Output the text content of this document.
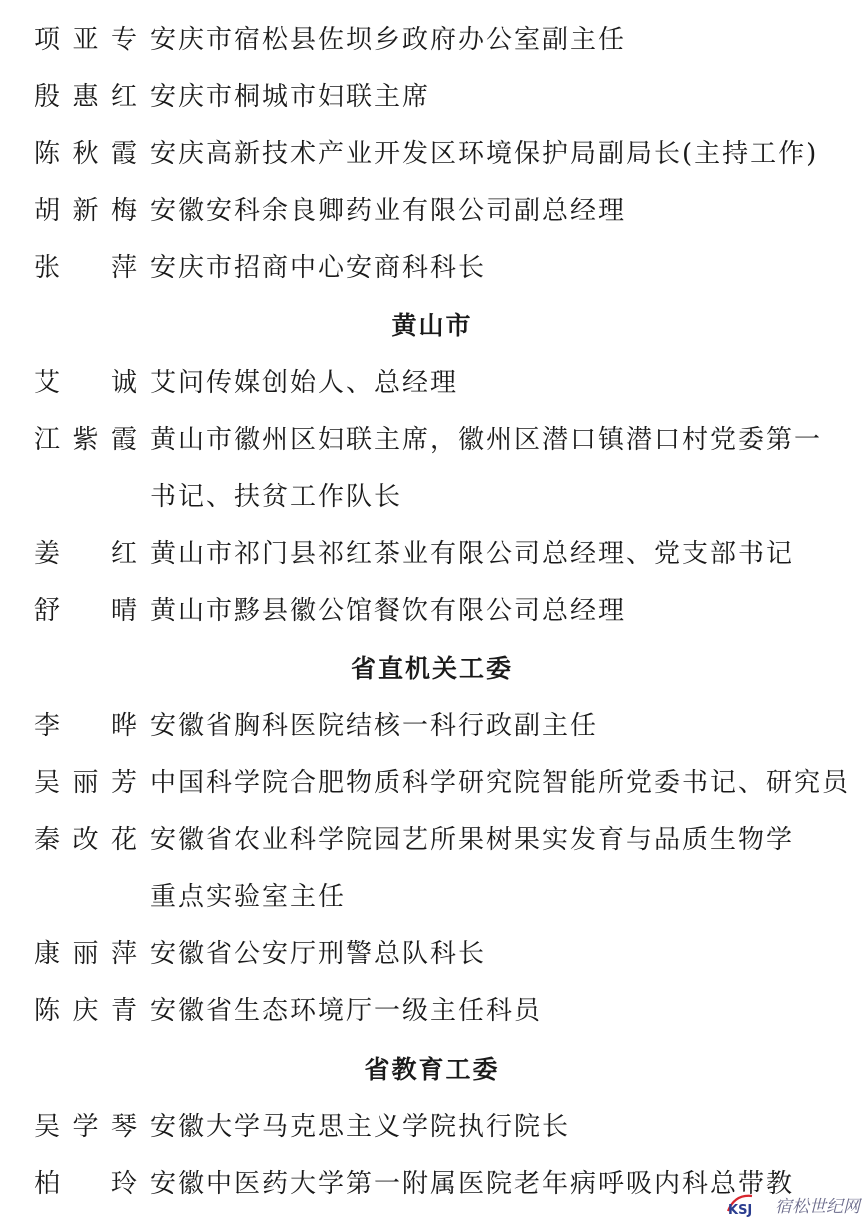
项 亚 专 安庆市宿松县佐坝乡政府办公室副主任
殷 惠 红 安庆市桐城市妇联主席
陈 秋 霞 安庆高新技术产业开发区环境保护局副局长(主持工作)
胡 新 梅 安徽安科余良卿药业有限公司副总经理
张 萍 安庆市招商中心安商科科长
黄山市
艾 诚 艾问传媒创始人、总经理
江 紫 霞 黄山市徽州区妇联主席，徽州区潜口镇潜口村党委第一
书记、扶贫工作队长
姜 红 黄山市祁门县祁红茶业有限公司总经理、党支部书记
舒 晴 黄山市黟县徽公馆餐饮有限公司总经理
省直机关工委
李 晔 安徽省胸科医院结核一科行政副主任
吴 丽 芳 中国科学院合肥物质科学研究院智能所党委书记、研究员
秦 改 花 安徽省农业科学院园艺所果树果实发育与品质生物学
重点实验室主任
康 丽 萍 安徽省公安厅刑警总队科长
陈 庆 青 安徽省生态环境厅一级主任科员
省教育工委
吴 学 琴 安徽大学马克思主义学院执行院长
柏 玲 安徽中医药大学第一附属医院老年病呼吸内科总带教
KSJ 宿松世纪网
